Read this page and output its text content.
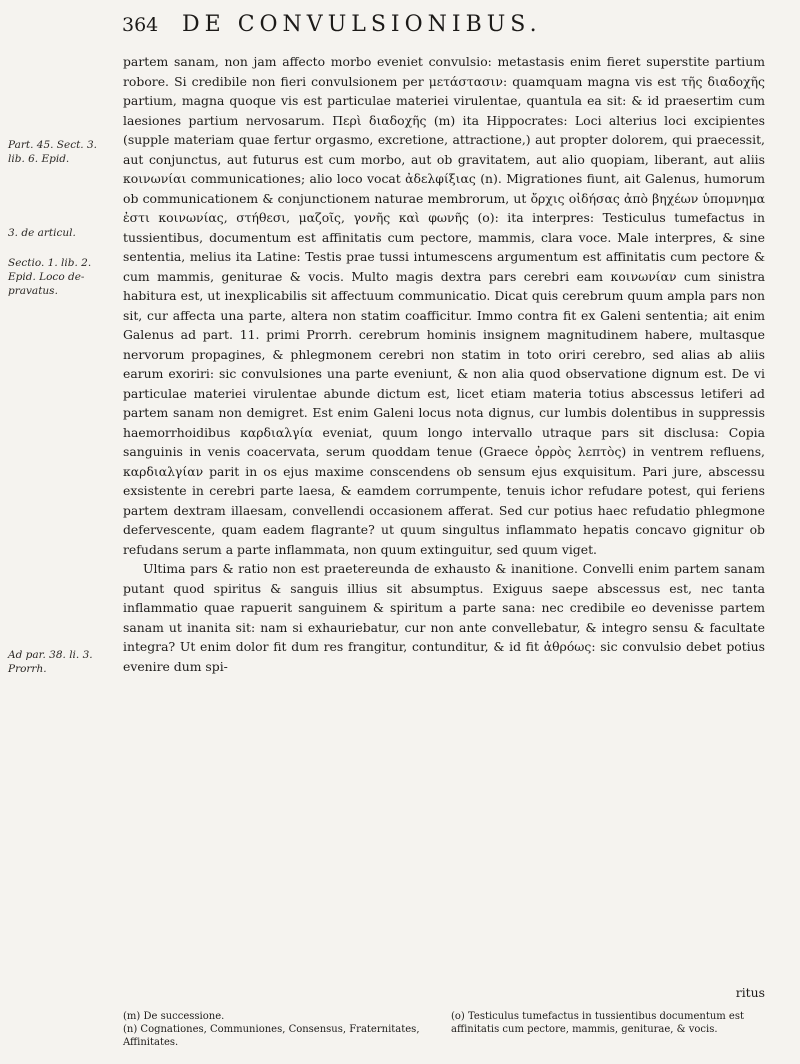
364 DE CONVULSIONIBUS.
Part. 45. Sect. 3. lib. 6. Epid.
3. de articul.
Sectio. 1. lib. 2. Epid. Loco de-pravatus.
Ad par. 38. li. 3. Prorrh.

partem sanam, non jam affecto morbo eveniet convulsio: metastasis enim fieret superstite partium robore. Si credibile non fieri convulsionem per μετάστασιν: quamquam magna vis est τῆς διαδοχῆς partium, magna quoque vis est particulae materiei virulentae, quantula ea sit: & id praesertim cum laesiones partium nervosarum. Περὶ διαδοχῆς (m) ita Hippocrates: Loci alterius loci excipientes (supple materiam quae fertur orgasmo, excretione, attractione,) aut propter dolorem, qui praecessit, aut conjunctus, aut futurus est cum morbo, aut ob gravitatem, aut alio quopiam, liberant, aut aliis κοινωνίαι communicationes; alio loco vocat ἀδελφίξιας (n). Migrationes fiunt, ait Galenus, humorum ob communicationem & conjunctionem naturae membrorum, ut ὄρχις οἰδήσας ἀπὸ βηχέων ὑπομνημα ἐστι κοινωνίας, στήθεσι, μαζοῖς, γονῆς καὶ φωνῆς (o): ita interpres: Testiculus tumefactus in tussientibus, documentum est affinitatis cum pectore, mammis, clara voce. Male interpres, & sine sententia, melius ita Latine: Testis prae tussi intumescens argumentum est affinitatis cum pectore & cum mammis, geniturae & vocis. Multo magis dextra pars cerebri eam κοινωνίαν cum sinistra habitura est, ut inexplicabilis sit affectuum communicatio. Dicat quis cerebrum quum ampla pars non sit, cur affecta una parte, altera non statim coafficitur. Immo contra fit ex Galeni sententia; ait enim Galenus ad part. 11. primi Prorrh. cerebrum hominis insignem magnitudinem habere, multasque nervorum propagines, & phlegmonem cerebri non statim in toto oriri cerebro, sed alias ab aliis earum exoriri: sic convulsiones una parte eveniunt, & non alia quod observatione dignum est. De vi particulae materiei virulentae abunde dictum est, licet etiam materia totius abscessus letiferi ad partem sanam non demigret. Est enim Galeni locus nota dignus, cur lumbis dolentibus in suppressis haemorrhoidibus καρδιαλγία eveniat, quum longo intervallo utraque pars sit disclusa: Copia sanguinis in venis coacervata, serum quoddam tenue (Graece ὀρρὸς λεπτὸς) in ventrem refluens, καρδιαλγίαν parit in os ejus maxime conscendens ob sensum ejus exquisitum. Pari jure, abscessu exsistente in cerebri parte laesa, & eamdem corrumpente, tenuis ichor refudare potest, qui feriens partem dextram illaesam, convellendi occasionem afferat. Sed cur potius haec refudatio phlegmone defervescente, quam eadem flagrante? ut quum singultus inflammato hepatis concavo gignitur ob refudans serum a parte inflammata, non quum extinguitur, sed quum viget.

Ultima pars & ratio non est praetereunda de exhausto & inanitione. Convelli enim partem sanam putant quod spiritus & sanguis illius sit absumptus. Exiguus saepe abscessus est, nec tanta inflammatio quae rapuerit sanguinem & spiritum a parte sana: nec credibile eo devenisse partem sanam ut inanita sit: nam si exhauriebatur, cur non ante convellebatur, & integro sensu & facultate integra? Ut enim dolor fit dum res frangitur, contunditur, & id fit ἀθρόως: sic convulsio debet potius evenire dum spi-

ritus
(m) De successione.
(n) Cognationes, Communiones, Consensus, Fraternitates, Affinitates.
(o) Testiculus tumefactus in tussientibus documentum est affinitatis cum pectore, mammis, geniturae, & vocis.
